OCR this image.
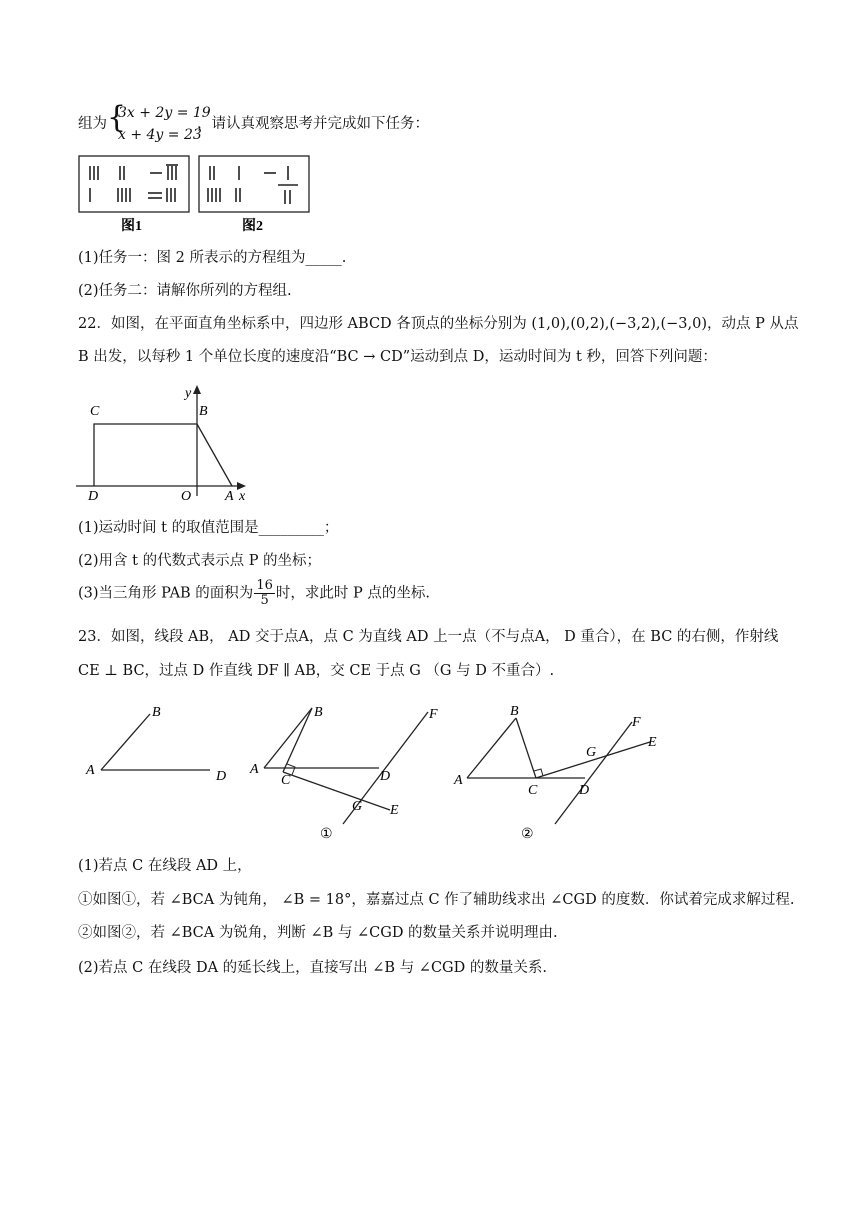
组为 {
3x + 2y = 19
x + 4y = 23
，请认真观察思考并完成如下任务：
图1	图2
(1)任务一：图 2 所表示的方程组为_____.
(2)任务二：请解你所列的方程组.
22．如图，在平面直角坐标系中，四边形 ABCD 各顶点的坐标分别为 (1,0),(0,2),(−3,2),(−3,0)，动点 P 从点
B 出发，以每秒 1 个单位长度的速度沿“BC → CD”运动到点 D，运动时间为 t 秒，回答下列问题：
C	B
y
D	O A x
(1)运动时间 t 的取值范围是_________；
(2)用含 t 的代数式表示点 P 的坐标；
(3)当三角形 PAB 的面积为 $\frac{16}{5}$ 时，求此时 P 点的坐标.
23．如图，线段 AB， AD 交于点A，点 C 为直线 AD 上一点（不与点A， D 重合），在 BC 的右侧，作射线
CE ⊥ BC，过点 D 作直线 DF ∥ AB，交 CE 于点 G （G 与 D 不重合）.
B
A	D
B
A
C	D
F
G E
①
B
A
C	D
F
G
E
②
(1)若点 C 在线段 AD 上，
①如图①，若 ∠BCA 为钝角， ∠B = 18°，嘉嘉过点 C 作了辅助线求出 ∠CGD 的度数．你试着完成求解过程.
②如图②，若 ∠BCA 为锐角，判断 ∠B 与 ∠CGD 的数量关系并说明理由.
(2)若点 C 在线段 DA 的延长线上，直接写出 ∠B 与 ∠CGD 的数量关系.
